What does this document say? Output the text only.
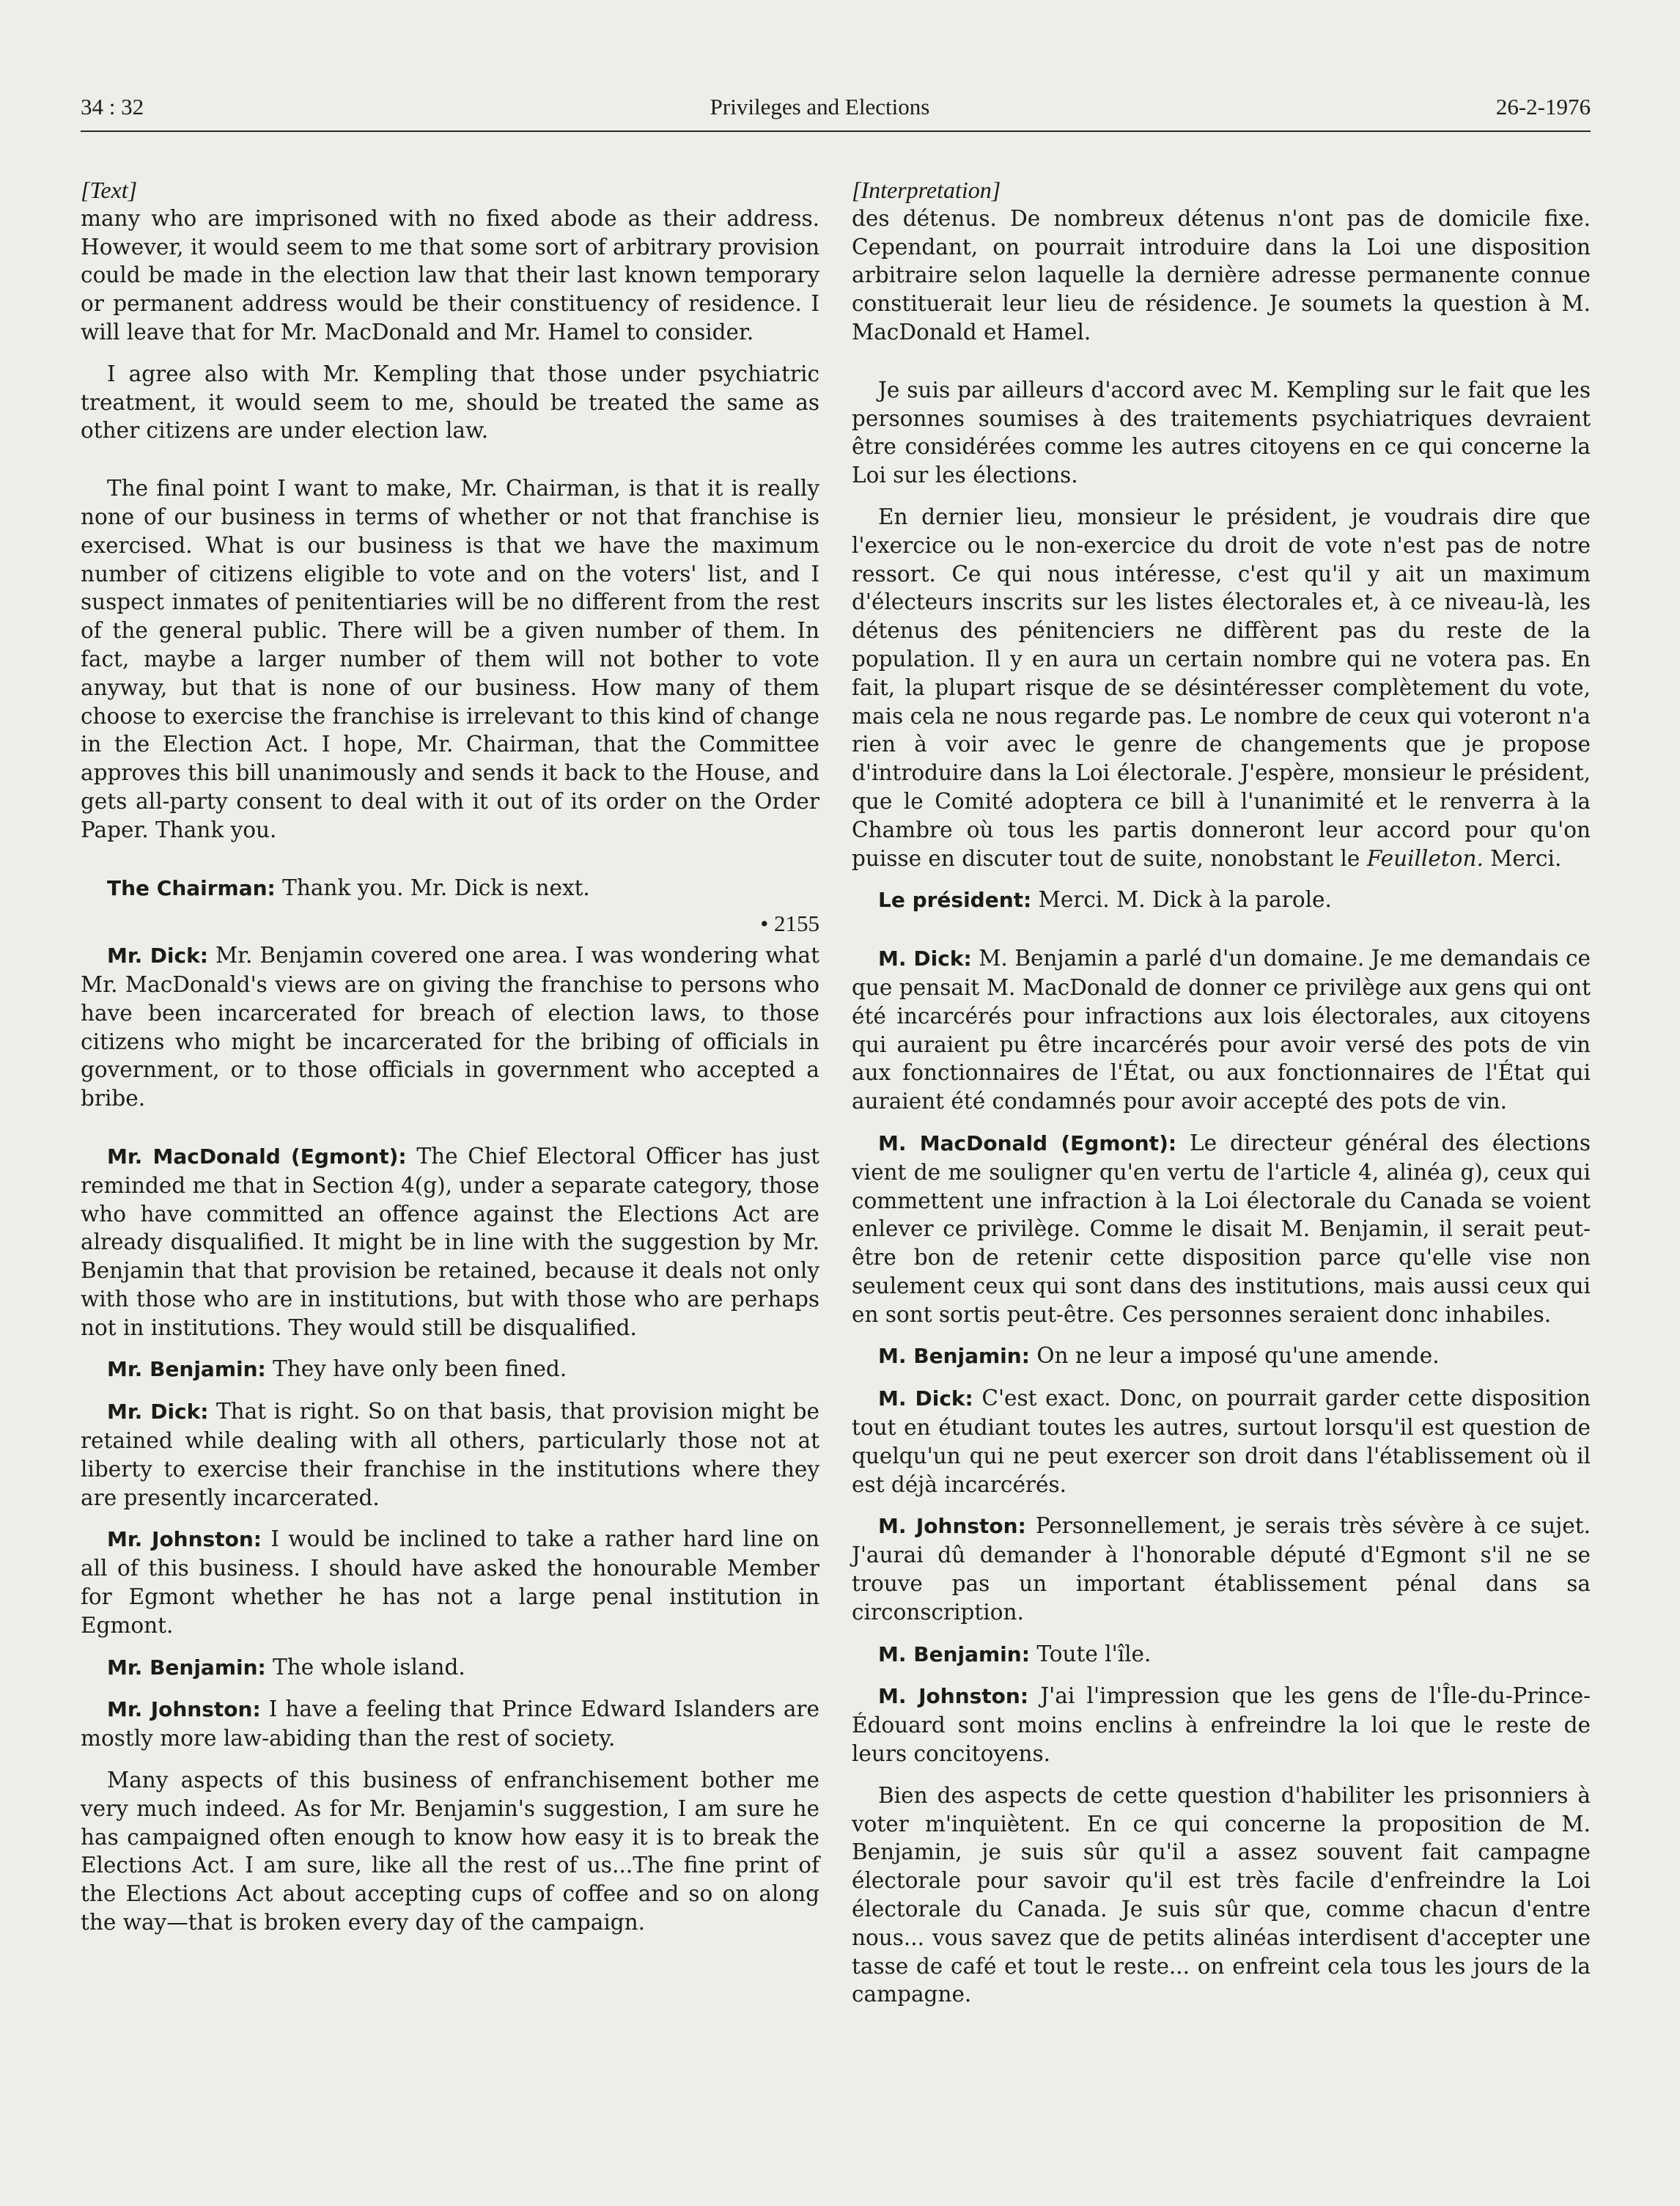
34 : 32	Privileges and Elections	26-2-1976
[Text]

many who are imprisoned with no fixed abode as their address. However, it would seem to me that some sort of arbitrary provision could be made in the election law that their last known temporary or permanent address would be their constituency of residence. I will leave that for Mr. MacDonald and Mr. Hamel to consider.

I agree also with Mr. Kempling that those under psychiatric treatment, it would seem to me, should be treated the same as other citizens are under election law.

The final point I want to make, Mr. Chairman, is that it is really none of our business in terms of whether or not that franchise is exercised. What is our business is that we have the maximum number of citizens eligible to vote and on the voters' list, and I suspect inmates of penitentiaries will be no different from the rest of the general public. There will be a given number of them. In fact, maybe a larger number of them will not bother to vote anyway, but that is none of our business. How many of them choose to exercise the franchise is irrelevant to this kind of change in the Election Act. I hope, Mr. Chairman, that the Committee approves this bill unanimously and sends it back to the House, and gets all-party consent to deal with it out of its order on the Order Paper. Thank you.

The Chairman: Thank you. Mr. Dick is next.

• 2155

Mr. Dick: Mr. Benjamin covered one area. I was wondering what Mr. MacDonald's views are on giving the franchise to persons who have been incarcerated for breach of election laws, to those citizens who might be incarcerated for the bribing of officials in government, or to those officials in government who accepted a bribe.

Mr. MacDonald (Egmont): The Chief Electoral Officer has just reminded me that in Section 4(g), under a separate category, those who have committed an offence against the Elections Act are already disqualified. It might be in line with the suggestion by Mr. Benjamin that that provision be retained, because it deals not only with those who are in institutions, but with those who are perhaps not in institutions. They would still be disqualified.

Mr. Benjamin: They have only been fined.

Mr. Dick: That is right. So on that basis, that provision might be retained while dealing with all others, particularly those not at liberty to exercise their franchise in the institutions where they are presently incarcerated.

Mr. Johnston: I would be inclined to take a rather hard line on all of this business. I should have asked the honourable Member for Egmont whether he has not a large penal institution in Egmont.

Mr. Benjamin: The whole island.

Mr. Johnston: I have a feeling that Prince Edward Islanders are mostly more law-abiding than the rest of society.

Many aspects of this business of enfranchisement bother me very much indeed. As for Mr. Benjamin's suggestion, I am sure he has campaigned often enough to know how easy it is to break the Elections Act. I am sure, like all the rest of us...The fine print of the Elections Act about accepting cups of coffee and so on along the way—that is broken every day of the campaign.

[Interpretation]

des détenus. De nombreux détenus n'ont pas de domicile fixe. Cependant, on pourrait introduire dans la Loi une disposition arbitraire selon laquelle la dernière adresse permanente connue constituerait leur lieu de résidence. Je soumets la question à M. MacDonald et Hamel.

Je suis par ailleurs d'accord avec M. Kempling sur le fait que les personnes soumises à des traitements psychiatriques devraient être considérées comme les autres citoyens en ce qui concerne la Loi sur les élections.

En dernier lieu, monsieur le président, je voudrais dire que l'exercice ou le non-exercice du droit de vote n'est pas de notre ressort. Ce qui nous intéresse, c'est qu'il y ait un maximum d'électeurs inscrits sur les listes électorales et, à ce niveau-là, les détenus des pénitenciers ne diffèrent pas du reste de la population. Il y en aura un certain nombre qui ne votera pas. En fait, la plupart risque de se désintéresser complètement du vote, mais cela ne nous regarde pas. Le nombre de ceux qui voteront n'a rien à voir avec le genre de changements que je propose d'introduire dans la Loi électorale. J'espère, monsieur le président, que le Comité adoptera ce bill à l'unanimité et le renverra à la Chambre où tous les partis donneront leur accord pour qu'on puisse en discuter tout de suite, nonobstant le Feuilleton. Merci.

Le président: Merci. M. Dick à la parole.

M. Dick: M. Benjamin a parlé d'un domaine. Je me demandais ce que pensait M. MacDonald de donner ce privilège aux gens qui ont été incarcérés pour infractions aux lois électorales, aux citoyens qui auraient pu être incarcérés pour avoir versé des pots de vin aux fonctionnaires de l'État, ou aux fonctionnaires de l'État qui auraient été condamnés pour avoir accepté des pots de vin.

M. MacDonald (Egmont): Le directeur général des élections vient de me souligner qu'en vertu de l'article 4, alinéa g), ceux qui commettent une infraction à la Loi électorale du Canada se voient enlever ce privilège. Comme le disait M. Benjamin, il serait peut-être bon de retenir cette disposition parce qu'elle vise non seulement ceux qui sont dans des institutions, mais aussi ceux qui en sont sortis peut-être. Ces personnes seraient donc inhabiles.

M. Benjamin: On ne leur a imposé qu'une amende.

M. Dick: C'est exact. Donc, on pourrait garder cette disposition tout en étudiant toutes les autres, surtout lorsqu'il est question de quelqu'un qui ne peut exercer son droit dans l'établissement où il est déjà incarcérés.

M. Johnston: Personnellement, je serais très sévère à ce sujet. J'aurai dû demander à l'honorable député d'Egmont s'il ne se trouve pas un important établissement pénal dans sa circonscription.

M. Benjamin: Toute l'île.

M. Johnston: J'ai l'impression que les gens de l'Île-du-Prince-Édouard sont moins enclins à enfreindre la loi que le reste de leurs concitoyens.

Bien des aspects de cette question d'habiliter les prisonniers à voter m'inquiètent. En ce qui concerne la proposition de M. Benjamin, je suis sûr qu'il a assez souvent fait campagne électorale pour savoir qu'il est très facile d'enfreindre la Loi électorale du Canada. Je suis sûr que, comme chacun d'entre nous... vous savez que de petits alinéas interdisent d'accepter une tasse de café et tout le reste... on enfreint cela tous les jours de la campagne.
